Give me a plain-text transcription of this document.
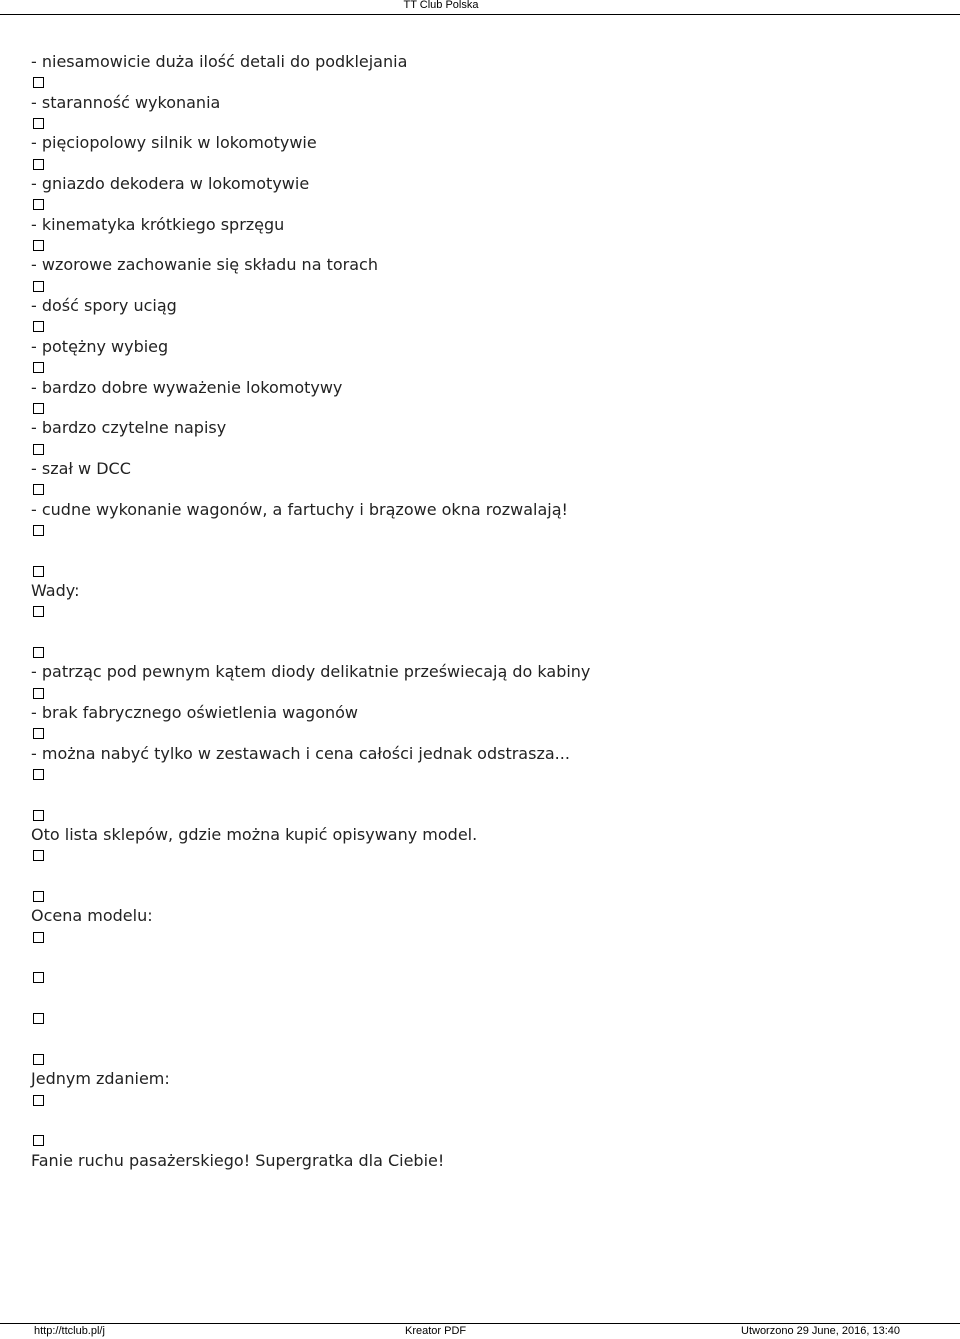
TT Club Polska
- niesamowicie duża ilość detali do podklejania
- staranność wykonania
- pięciopolowy silnik w lokomotywie
- gniazdo dekodera w lokomotywie
- kinematyka krótkiego sprzęgu
- wzorowe zachowanie się składu na torach
- dość spory uciąg
- potężny wybieg
- bardzo dobre wyważenie lokomotywy
- bardzo czytelne napisy
- szał w DCC
- cudne wykonanie wagonów, a fartuchy i brązowe okna rozwalają!
Wady:
- patrząc pod pewnym kątem diody delikatnie przeświecają do kabiny
- brak fabrycznego oświetlenia wagonów
- można nabyć tylko w zestawach i cena całości jednak odstrasza...
Oto lista sklepów, gdzie można kupić opisywany model.
Ocena modelu:
Jednym zdaniem:
Fanie ruchu pasażerskiego! Supergratka dla Ciebie!
http://ttclub.pl/j	Kreator PDF	Utworzono 29 June, 2016, 13:40
